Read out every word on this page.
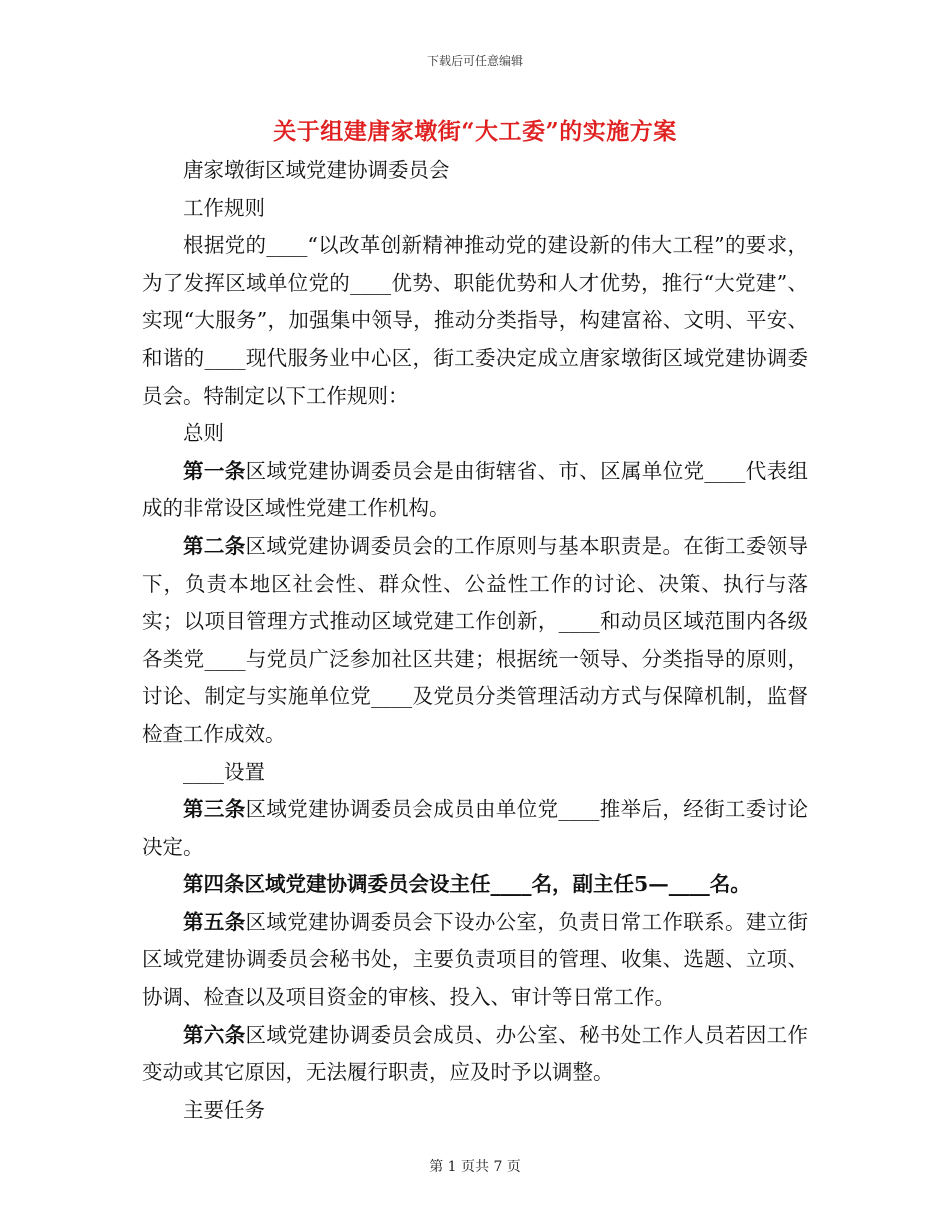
下载后可任意编辑
关于组建唐家墩街“大工委”的实施方案

唐家墩街区域党建协调委员会

工作规则

根据党的____“以改革创新精神推动党的建设新的伟大工程”的要求，为了发挥区域单位党的____优势、职能优势和人才优势，推行“大党建”、实现“大服务”，加强集中领导，推动分类指导，构建富裕、文明、平安、和谐的____现代服务业中心区，街工委决定成立唐家墩街区域党建协调委员会。特制定以下工作规则：

总则

第一条区域党建协调委员会是由街辖省、市、区属单位党____代表组成的非常设区域性党建工作机构。

第二条区域党建协调委员会的工作原则与基本职责是。在街工委领导下，负责本地区社会性、群众性、公益性工作的讨论、决策、执行与落实；以项目管理方式推动区域党建工作创新，____和动员区域范围内各级各类党____与党员广泛参加社区共建；根据统一领导、分类指导的原则，讨论、制定与实施单位党____及党员分类管理活动方式与保障机制，监督检查工作成效。

____设置

第三条区域党建协调委员会成员由单位党____推举后，经街工委讨论决定。

第四条区域党建协调委员会设主任____名，副主任5—____名。

第五条区域党建协调委员会下设办公室，负责日常工作联系。建立街区域党建协调委员会秘书处，主要负责项目的管理、收集、选题、立项、协调、检查以及项目资金的审核、投入、审计等日常工作。

第六条区域党建协调委员会成员、办公室、秘书处工作人员若因工作变动或其它原因，无法履行职责，应及时予以调整。

主要任务

第 1 页共 7 页
